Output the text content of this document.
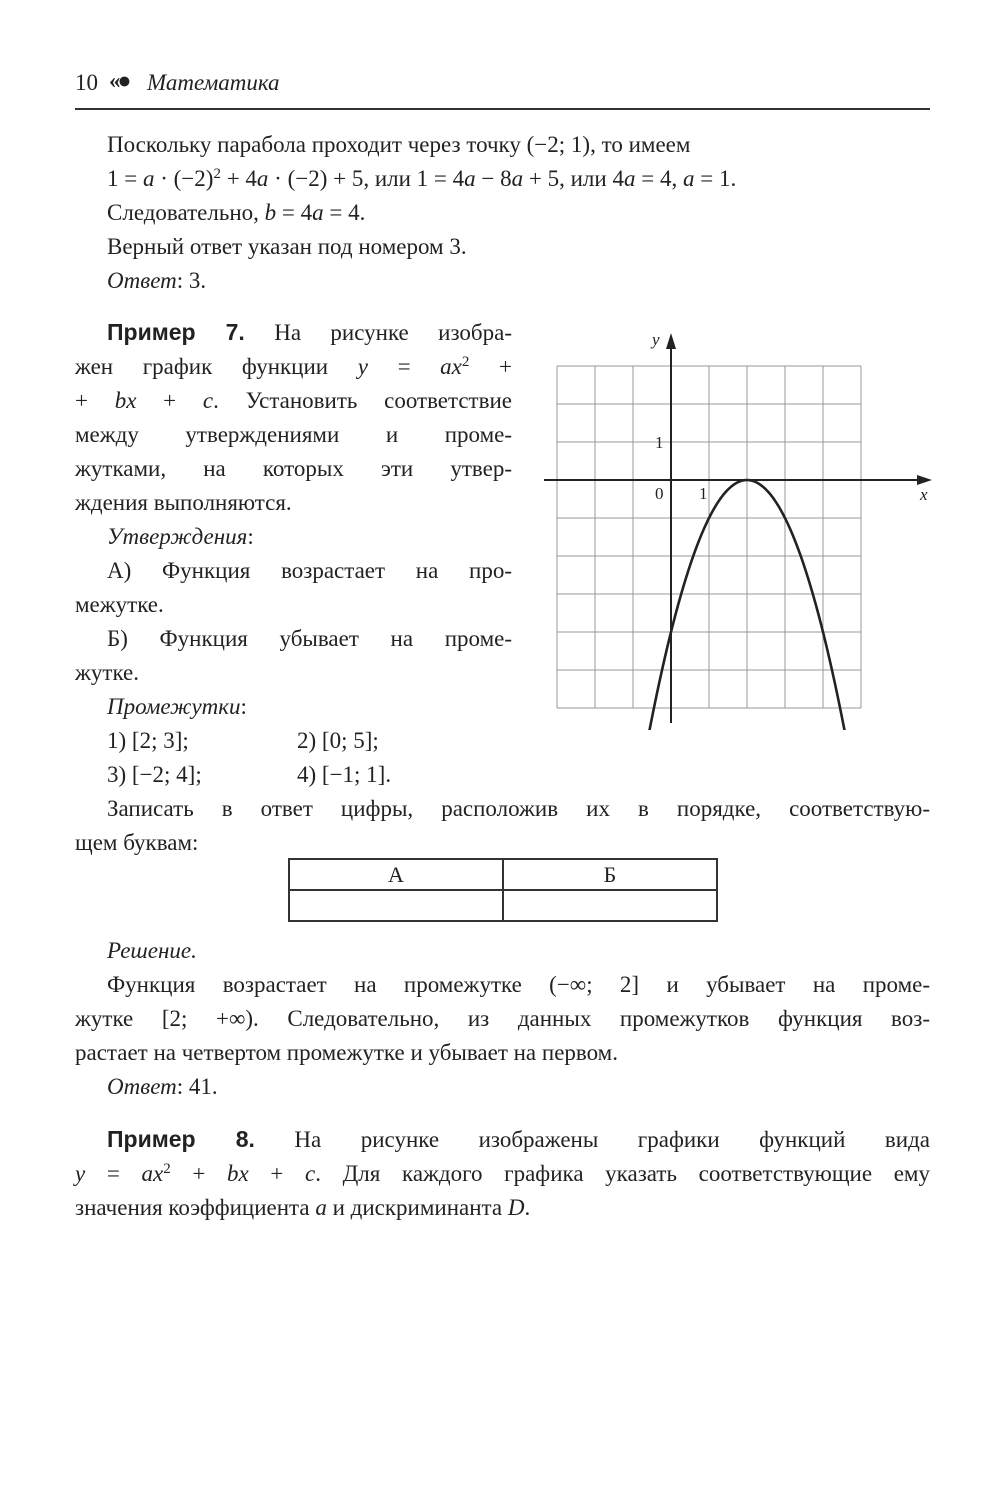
10 «● Математика
Поскольку парабола проходит через точку (−2; 1), то имеем
$1 = a \cdot (-2)^2 + 4a \cdot (-2) + 5$, или 1 = 4a − 8a + 5, или 4a = 4, a = 1.
Следовательно, b = 4a = 4.
Верный ответ указан под номером 3.
Ответ: 3.
Пример 7. На рисунке изобра-
жен график функции $y = ax^2$ +
+ bx + c. Установить соответствие
между утверждениями и проме-
жутками, на которых эти утвер-
ждения выполняются.
Утверждения:
А) Функция возрастает на про-
межутке.
Б) Функция убывает на проме-
жутке.
Промежутки:
1) [2; 3];	2) [0; 5];
3) [−2; 4];	4) [−1; 1].
Записать в ответ цифры, расположив их в порядке, соответствую-
щем буквам:
А	Б

Решение.
Функция возрастает на промежутке (−∞; 2] и убывает на проме-
жутке [2; +∞). Следовательно, из данных промежутков функция воз-
растает на четвертом промежутке и убывает на первом.
Ответ: 41.
Пример 8. На рисунке изображены графики функций вида
$y = ax^2$ + bx + c. Для каждого графика указать соответствующие ему
значения коэффициента a и дискриминанта D.
x
y
0 1
1
